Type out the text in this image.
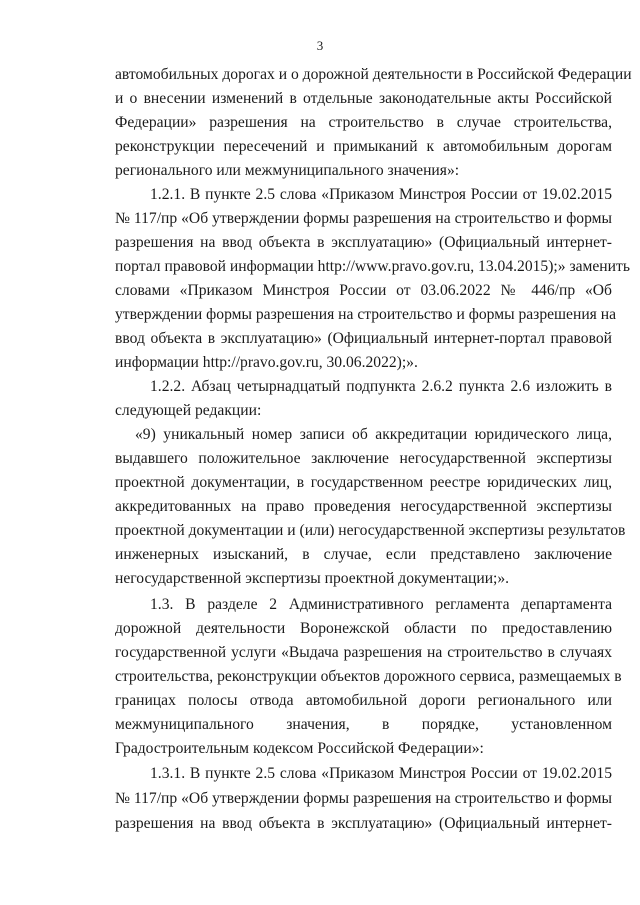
3
автомобильных дорогах и о дорожной деятельности в Российской Федерации
и о внесении изменений в отдельные законодательные акты Российской
Федерации» разрешения на строительство в случае строительства,
реконструкции пересечений и примыканий к автомобильным дорогам
регионального или межмуниципального значения»:
1.2.1. В пункте 2.5 слова «Приказом Минстроя России от 19.02.2015
№ 117/пр «Об утверждении формы разрешения на строительство и формы
разрешения на ввод объекта в эксплуатацию» (Официальный интернет-
портал правовой информации http://www.pravo.gov.ru, 13.04.2015);» заменить
словами «Приказом Минстроя России от 03.06.2022 № 446/пр «Об
утверждении формы разрешения на строительство и формы разрешения на
ввод объекта в эксплуатацию» (Официальный интернет-портал правовой
информации http://pravo.gov.ru, 30.06.2022);».
1.2.2. Абзац четырнадцатый подпункта 2.6.2 пункта 2.6 изложить в
следующей редакции:
«9) уникальный номер записи об аккредитации юридического лица,
выдавшего положительное заключение негосударственной экспертизы
проектной документации, в государственном реестре юридических лиц,
аккредитованных на право проведения негосударственной экспертизы
проектной документации и (или) негосударственной экспертизы результатов
инженерных изысканий, в случае, если представлено заключение
негосударственной экспертизы проектной документации;».
1.3. В разделе 2 Административного регламента департамента
дорожной деятельности Воронежской области по предоставлению
государственной услуги «Выдача разрешения на строительство в случаях
строительства, реконструкции объектов дорожного сервиса, размещаемых в
границах полосы отвода автомобильной дороги регионального или
межмуниципального значения, в порядке, установленном
Градостроительным кодексом Российской Федерации»:
1.3.1. В пункте 2.5 слова «Приказом Минстроя России от 19.02.2015
№ 117/пр «Об утверждении формы разрешения на строительство и формы
разрешения на ввод объекта в эксплуатацию» (Официальный интернет-
